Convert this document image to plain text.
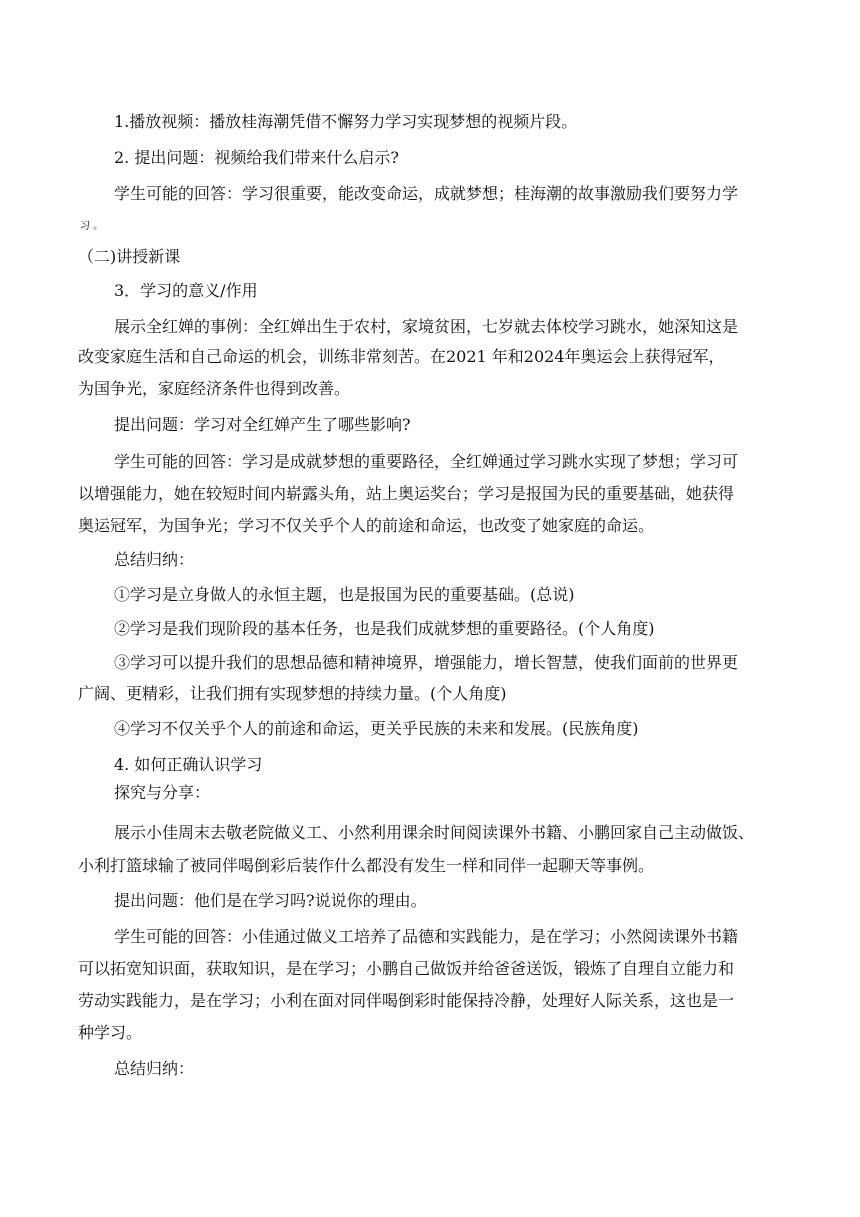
1.播放视频：播放桂海潮凭借不懈努力学习实现梦想的视频片段。
2. 提出问题：视频给我们带来什么启示?
学生可能的回答：学习很重要，能改变命运，成就梦想；桂海潮的故事激励我们要努力学
习 。
（二)讲授新课
3．学习的意义/作用
展示全红婵的事例：全红婵出生于农村，家境贫困，七岁就去体校学习跳水，她深知这是
改变家庭生活和自己命运的机会，训练非常刻苦。在2021 年和2024年奥运会上获得冠军，
为国争光，家庭经济条件也得到改善。
提出问题：学习对全红婵产生了哪些影响?
学生可能的回答：学习是成就梦想的重要路径，全红婵通过学习跳水实现了梦想；学习可
以增强能力，她在较短时间内崭露头角，站上奥运奖台；学习是报国为民的重要基础，她获得
奥运冠军，为国争光；学习不仅关乎个人的前途和命运，也改变了她家庭的命运。
总结归纳：
①学习是立身做人的永恒主题，也是报国为民的重要基础。(总说)
②学习是我们现阶段的基本任务，也是我们成就梦想的重要路径。(个人角度)
③学习可以提升我们的思想品德和精神境界，增强能力，增长智慧，使我们面前的世界更
广阔、更精彩，让我们拥有实现梦想的持续力量。(个人角度)
④学习不仅关乎个人的前途和命运，更关乎民族的未来和发展。(民族角度)
4. 如何正确认识学习
探究与分享：
展示小佳周末去敬老院做义工、小然利用课余时间阅读课外书籍、小鹏回家自己主动做饭、
小利打篮球输了被同伴喝倒彩后装作什么都没有发生一样和同伴一起聊天等事例。
提出问题：他们是在学习吗?说说你的理由。
学生可能的回答：小佳通过做义工培养了品德和实践能力，是在学习；小然阅读课外书籍
可以拓宽知识面，获取知识，是在学习；小鹏自己做饭并给爸爸送饭，锻炼了自理自立能力和
劳动实践能力，是在学习；小利在面对同伴喝倒彩时能保持冷静，处理好人际关系，这也是一
种学习。
总结归纳：
